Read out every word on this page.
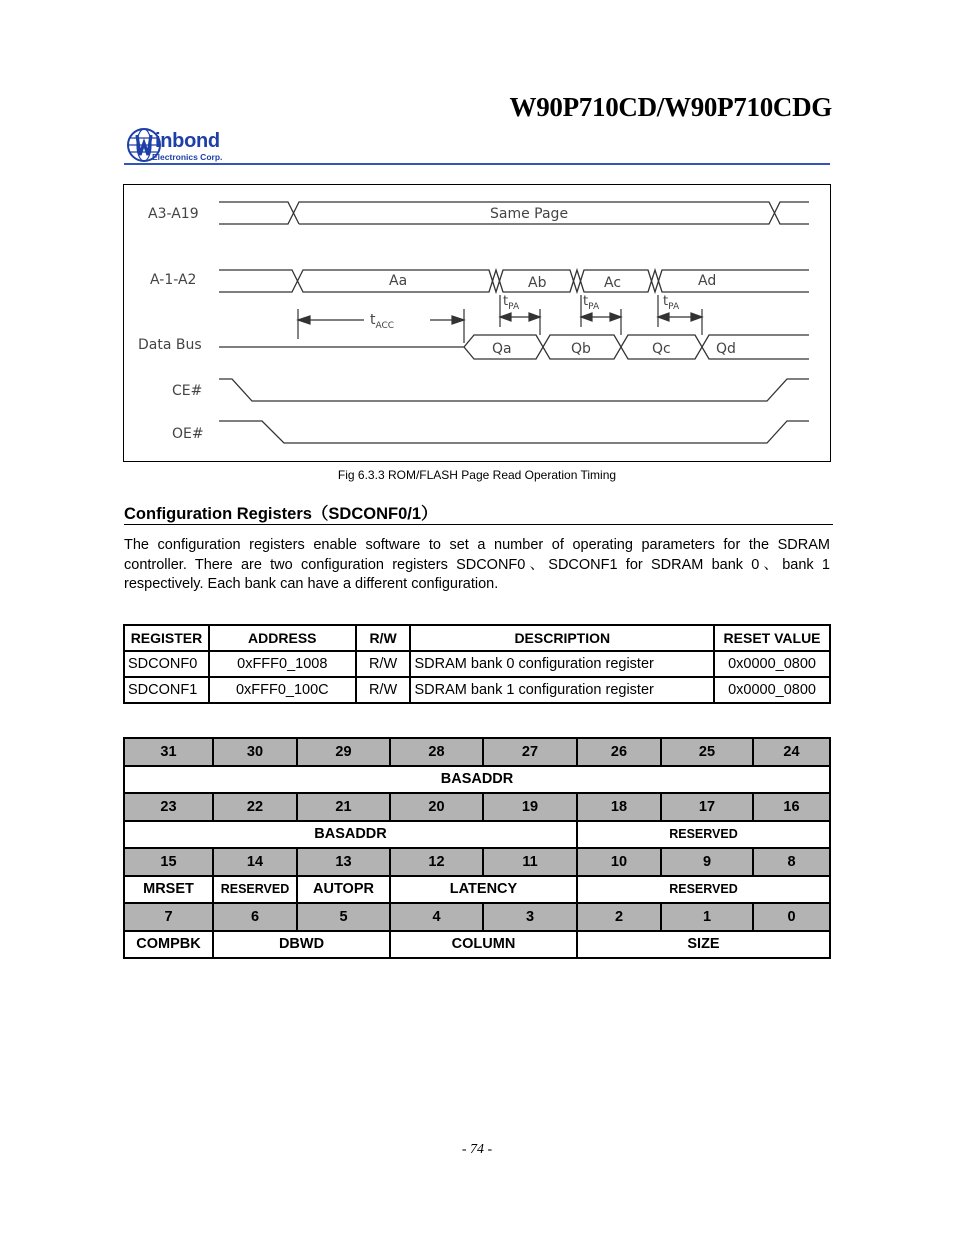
W90P710CD/W90P710CDG
inbond
Electronics Corp.
A3-A19
A-1-A2
Data Bus
CE#
OE#
Same Page
Aa	Ab	Ac	Ad
Qa	Qb	Qc	Qd
$t_{ACC}$
$t_{PA}$	$t_{PA}$	$t_{PA}$
Fig 6.3.3 ROM/FLASH Page Read Operation Timing
Configuration Registers（SDCONF0/1）
The configuration registers enable software to set a number of operating parameters for the SDRAM controller. There are two configuration registers SDCONF0、SDCONF1 for SDRAM bank 0、bank 1 respectively. Each bank can have a different configuration.
REGISTER	ADDRESS	R/W	DESCRIPTION	RESET VALUE
SDCONF0	0xFFF0_1008	R/W	SDRAM bank 0 configuration register	0x0000_0800
SDCONF1	0xFFF0_100C	R/W	SDRAM bank 1 configuration register	0x0000_0800
31	30	29	28	27	26	25	24
BASADDR							
23	22	21	20	19	18	17	16
BASADDR					RESERVED		
15	14	13	12	11	10	9	8
MRSET	RESERVED	AUTOPR	LATENCY		RESERVED		
7	6	5	4	3	2	1	0
COMPBK	DBWD		COLUMN		SIZE		
- 74 -
